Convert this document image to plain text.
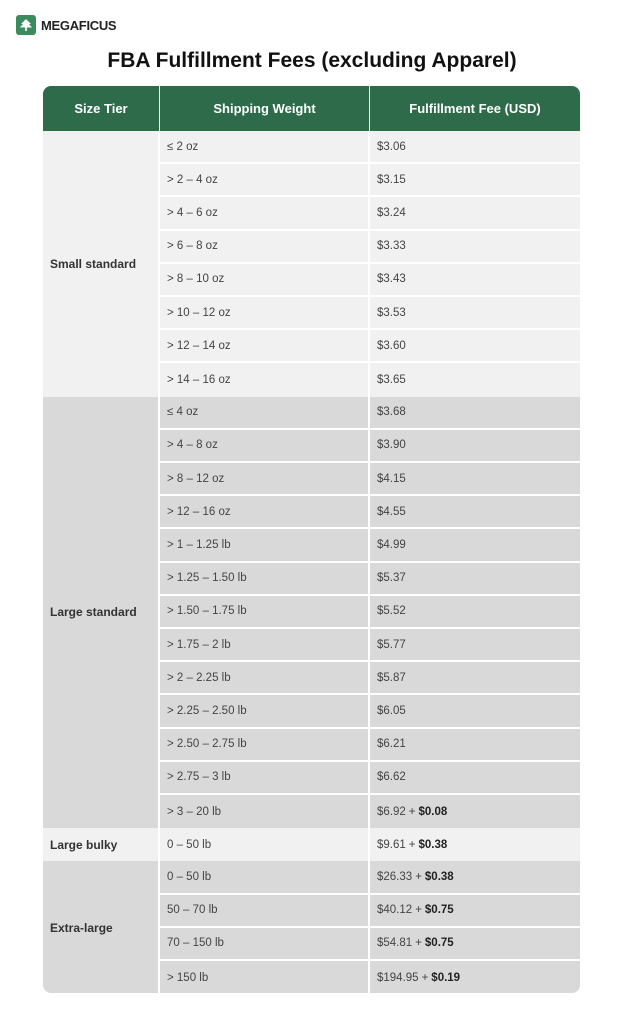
MEGAFICUS
FBA Fulfillment Fees (excluding Apparel)
Size Tier	Shipping Weight	Fulfillment Fee (USD)
Small standard
≤ 2 oz	$3.06
> 2 – 4 oz	$3.15
> 4 – 6 oz	$3.24
> 6 – 8 oz	$3.33
> 8 – 10 oz	$3.43
> 10 – 12 oz	$3.53
> 12 – 14 oz	$3.60
> 14 – 16 oz	$3.65
Large standard
≤ 4 oz	$3.68
> 4 – 8 oz	$3.90
> 8 – 12 oz	$4.15
> 12 – 16 oz	$4.55
> 1 – 1.25 lb	$4.99
> 1.25 – 1.50 lb	$5.37
> 1.50 – 1.75 lb	$5.52
> 1.75 – 2 lb	$5.77
> 2 – 2.25 lb	$5.87
> 2.25 – 2.50 lb	$6.05
> 2.50 – 2.75 lb	$6.21
> 2.75 – 3 lb	$6.62
> 3 – 20 lb	$6.92 + $0.08
Large bulky	0 – 50 lb	$9.61 + $0.38
Extra-large
0 – 50 lb	$26.33 + $0.38
50 – 70 lb	$40.12 + $0.75
70 – 150 lb	$54.81 + $0.75
> 150 lb	$194.95 + $0.19
